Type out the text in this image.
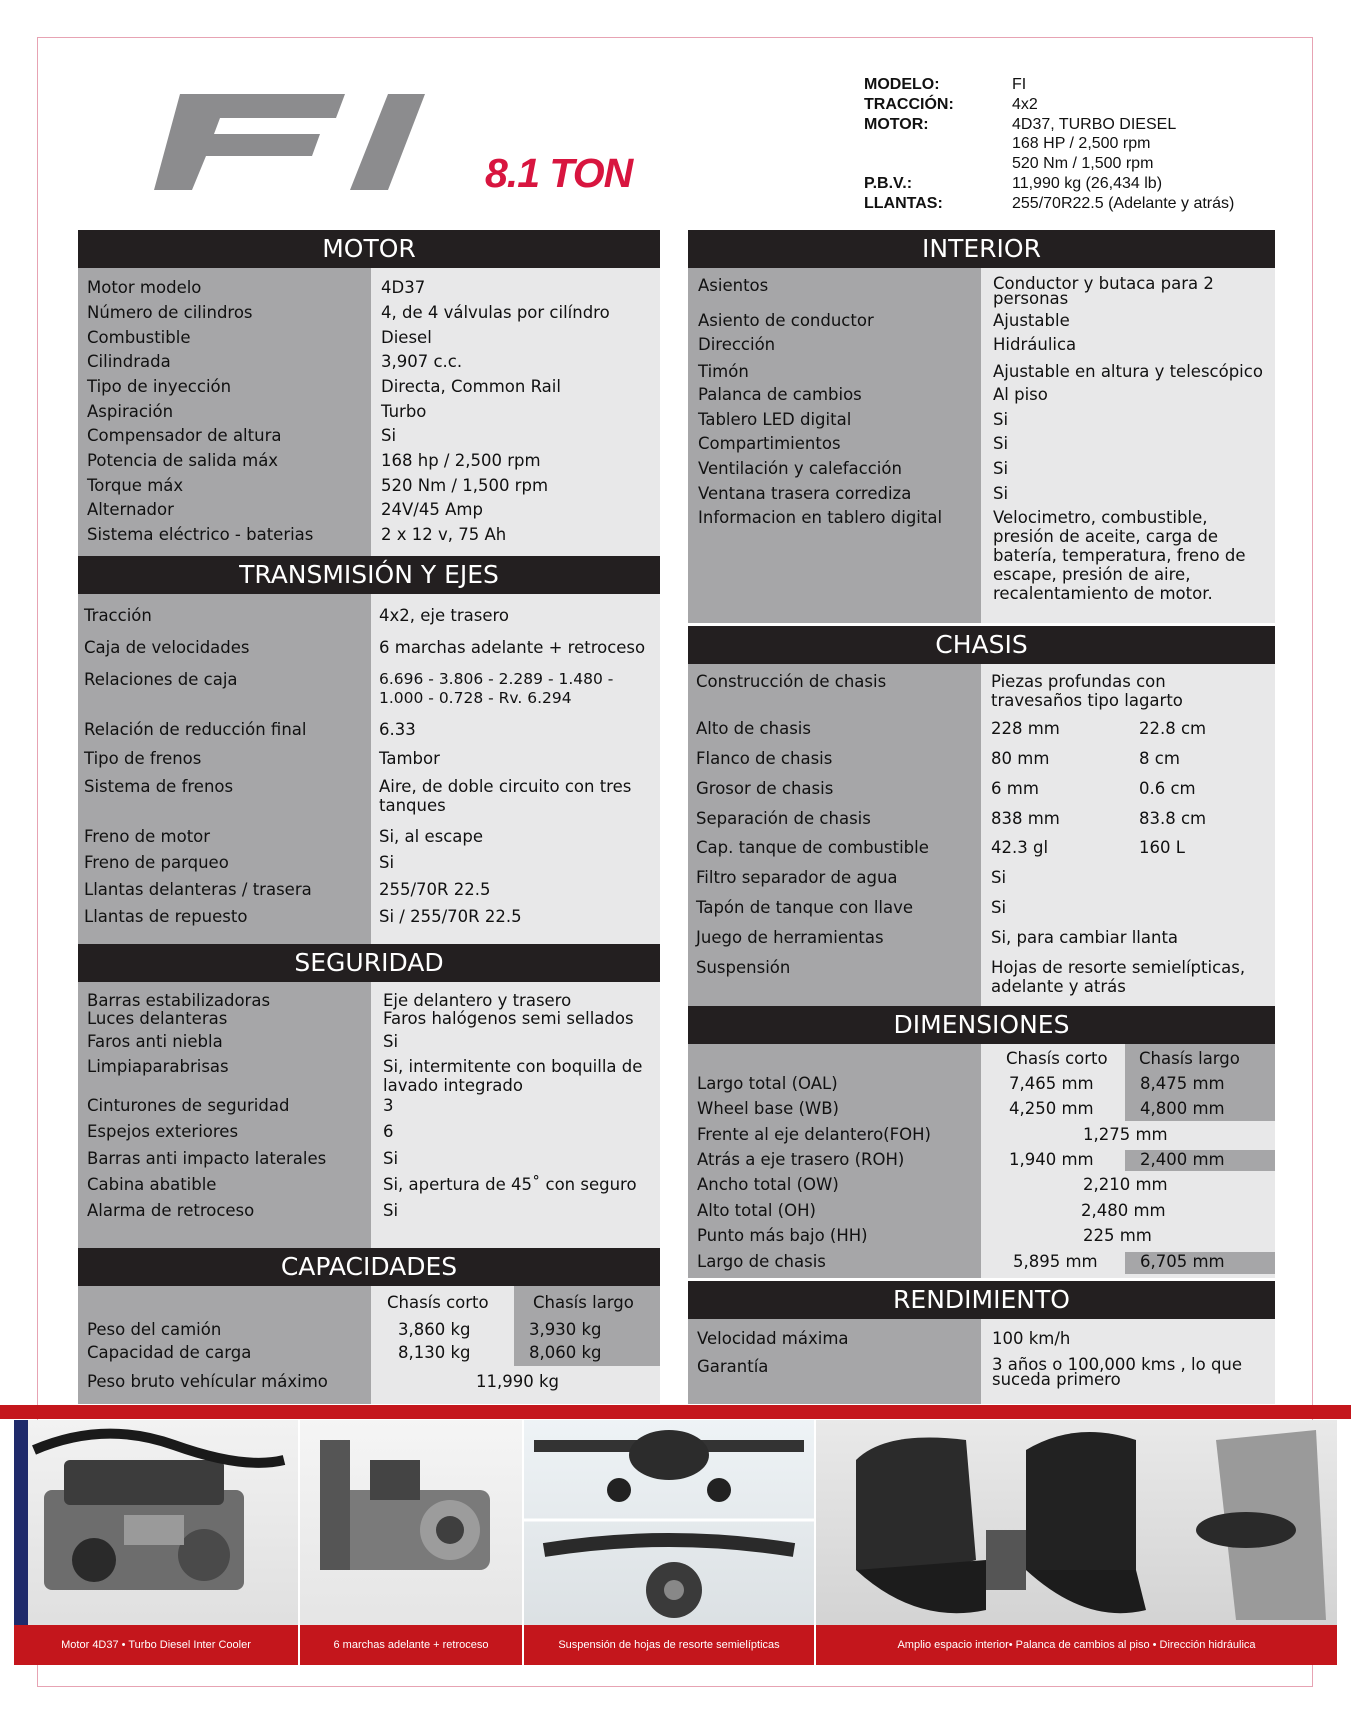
8.1 TON
MODELO:	FI
TRACCIÓN:	4x2
MOTOR:	4D37, TURBO DIESEL
168 HP / 2,500 rpm
520 Nm / 1,500 rpm
P.B.V.:	11,990 kg (26,434 lb)
LLANTAS:	255/70R22.5 (Adelante y atrás)
MOTOR
Motor modelo	4D37
Número de cilindros	4, de 4 válvulas por cilíndro
Combustible	Diesel
Cilindrada	3,907 c.c.
Tipo de inyección	Directa, Common Rail
Aspiración	Turbo
Compensador de altura	Si
Potencia de salida máx	168 hp / 2,500 rpm
Torque máx	520 Nm / 1,500 rpm
Alternador	24V/45 Amp
Sistema eléctrico - baterias	2 x 12 v, 75 Ah
TRANSMISIÓN Y EJES
Tracción	4x2, eje trasero
Caja de velocidades	6 marchas adelante + retroceso
Relaciones de caja	6.696 - 3.806 - 2.289 - 1.480 - 1.000 - 0.728 - Rv. 6.294
Relación de reducción final	6.33
Tipo de frenos	Tambor
Sistema de frenos	Aire, de doble circuito con tres tanques
Freno de motor	Si, al escape
Freno de parqueo	Si
Llantas delanteras / trasera	255/70R 22.5
Llantas de repuesto	Si / 255/70R 22.5
SEGURIDAD
Barras estabilizadoras	Eje delantero y trasero
Luces delanteras	Faros halógenos semi sellados
Faros anti niebla	Si
Limpiaparabrisas	Si, intermitente con boquilla de lavado integrado
Cinturones de seguridad	3
Espejos exteriores	6
Barras anti impacto laterales	Si
Cabina abatible	Si, apertura de 45˚ con seguro
Alarma de retroceso	Si
CAPACIDADES
Chasís corto	Chasís largo
Peso del camión	3,860 kg	3,930 kg
Capacidad de carga	8,130 kg	8,060 kg
Peso bruto vehícular máximo	11,990 kg
INTERIOR
Asientos	Conductor y butaca para 2 personas
Asiento de conductor	Ajustable
Dirección	Hidráulica
Timón	Ajustable en altura y telescópico
Palanca de cambios	Al piso
Tablero LED digital	Si
Compartimientos	Si
Ventilación y calefacción	Si
Ventana trasera corrediza	Si
Informacion en tablero digital	Velocimetro, combustible, presión de aceite, carga de batería, temperatura, freno de escape, presión de aire, recalentamiento de motor.
CHASIS
Construcción de chasis	Piezas profundas con travesaños tipo lagarto
Alto de chasis	228 mm	22.8 cm
Flanco de chasis	80 mm	8 cm
Grosor de chasis	6 mm	0.6 cm
Separación de chasis	838 mm	83.8 cm
Cap. tanque de combustible	42.3 gl	160 L
Filtro separador de agua	Si
Tapón de tanque con llave	Si
Juego de herramientas	Si, para cambiar llanta
Suspensión	Hojas de resorte semielípticas, adelante y atrás
DIMENSIONES
Chasís corto Chasís largo
Largo total (OAL)	7,465 mm	8,475 mm
Wheel base (WB)	4,250 mm	4,800 mm
Frente al eje delantero(FOH)	1,275 mm
Atrás a eje trasero (ROH)	1,940 mm	2,400 mm
Ancho total (OW)	2,210 mm
Alto total (OH)	2,480 mm
Punto más bajo (HH)	225 mm
Largo de chasis	5,895 mm	6,705 mm
RENDIMIENTO
Velocidad máxima	100 km/h
Garantía	3 años o 100,000 kms , lo que suceda primero
Motor 4D37 • Turbo Diesel Inter Cooler	6 marchas adelante + retroceso	Suspensión de hojas de resorte semielípticas	Amplio espacio interior• Palanca de cambios al piso • Dirección hidráulica
